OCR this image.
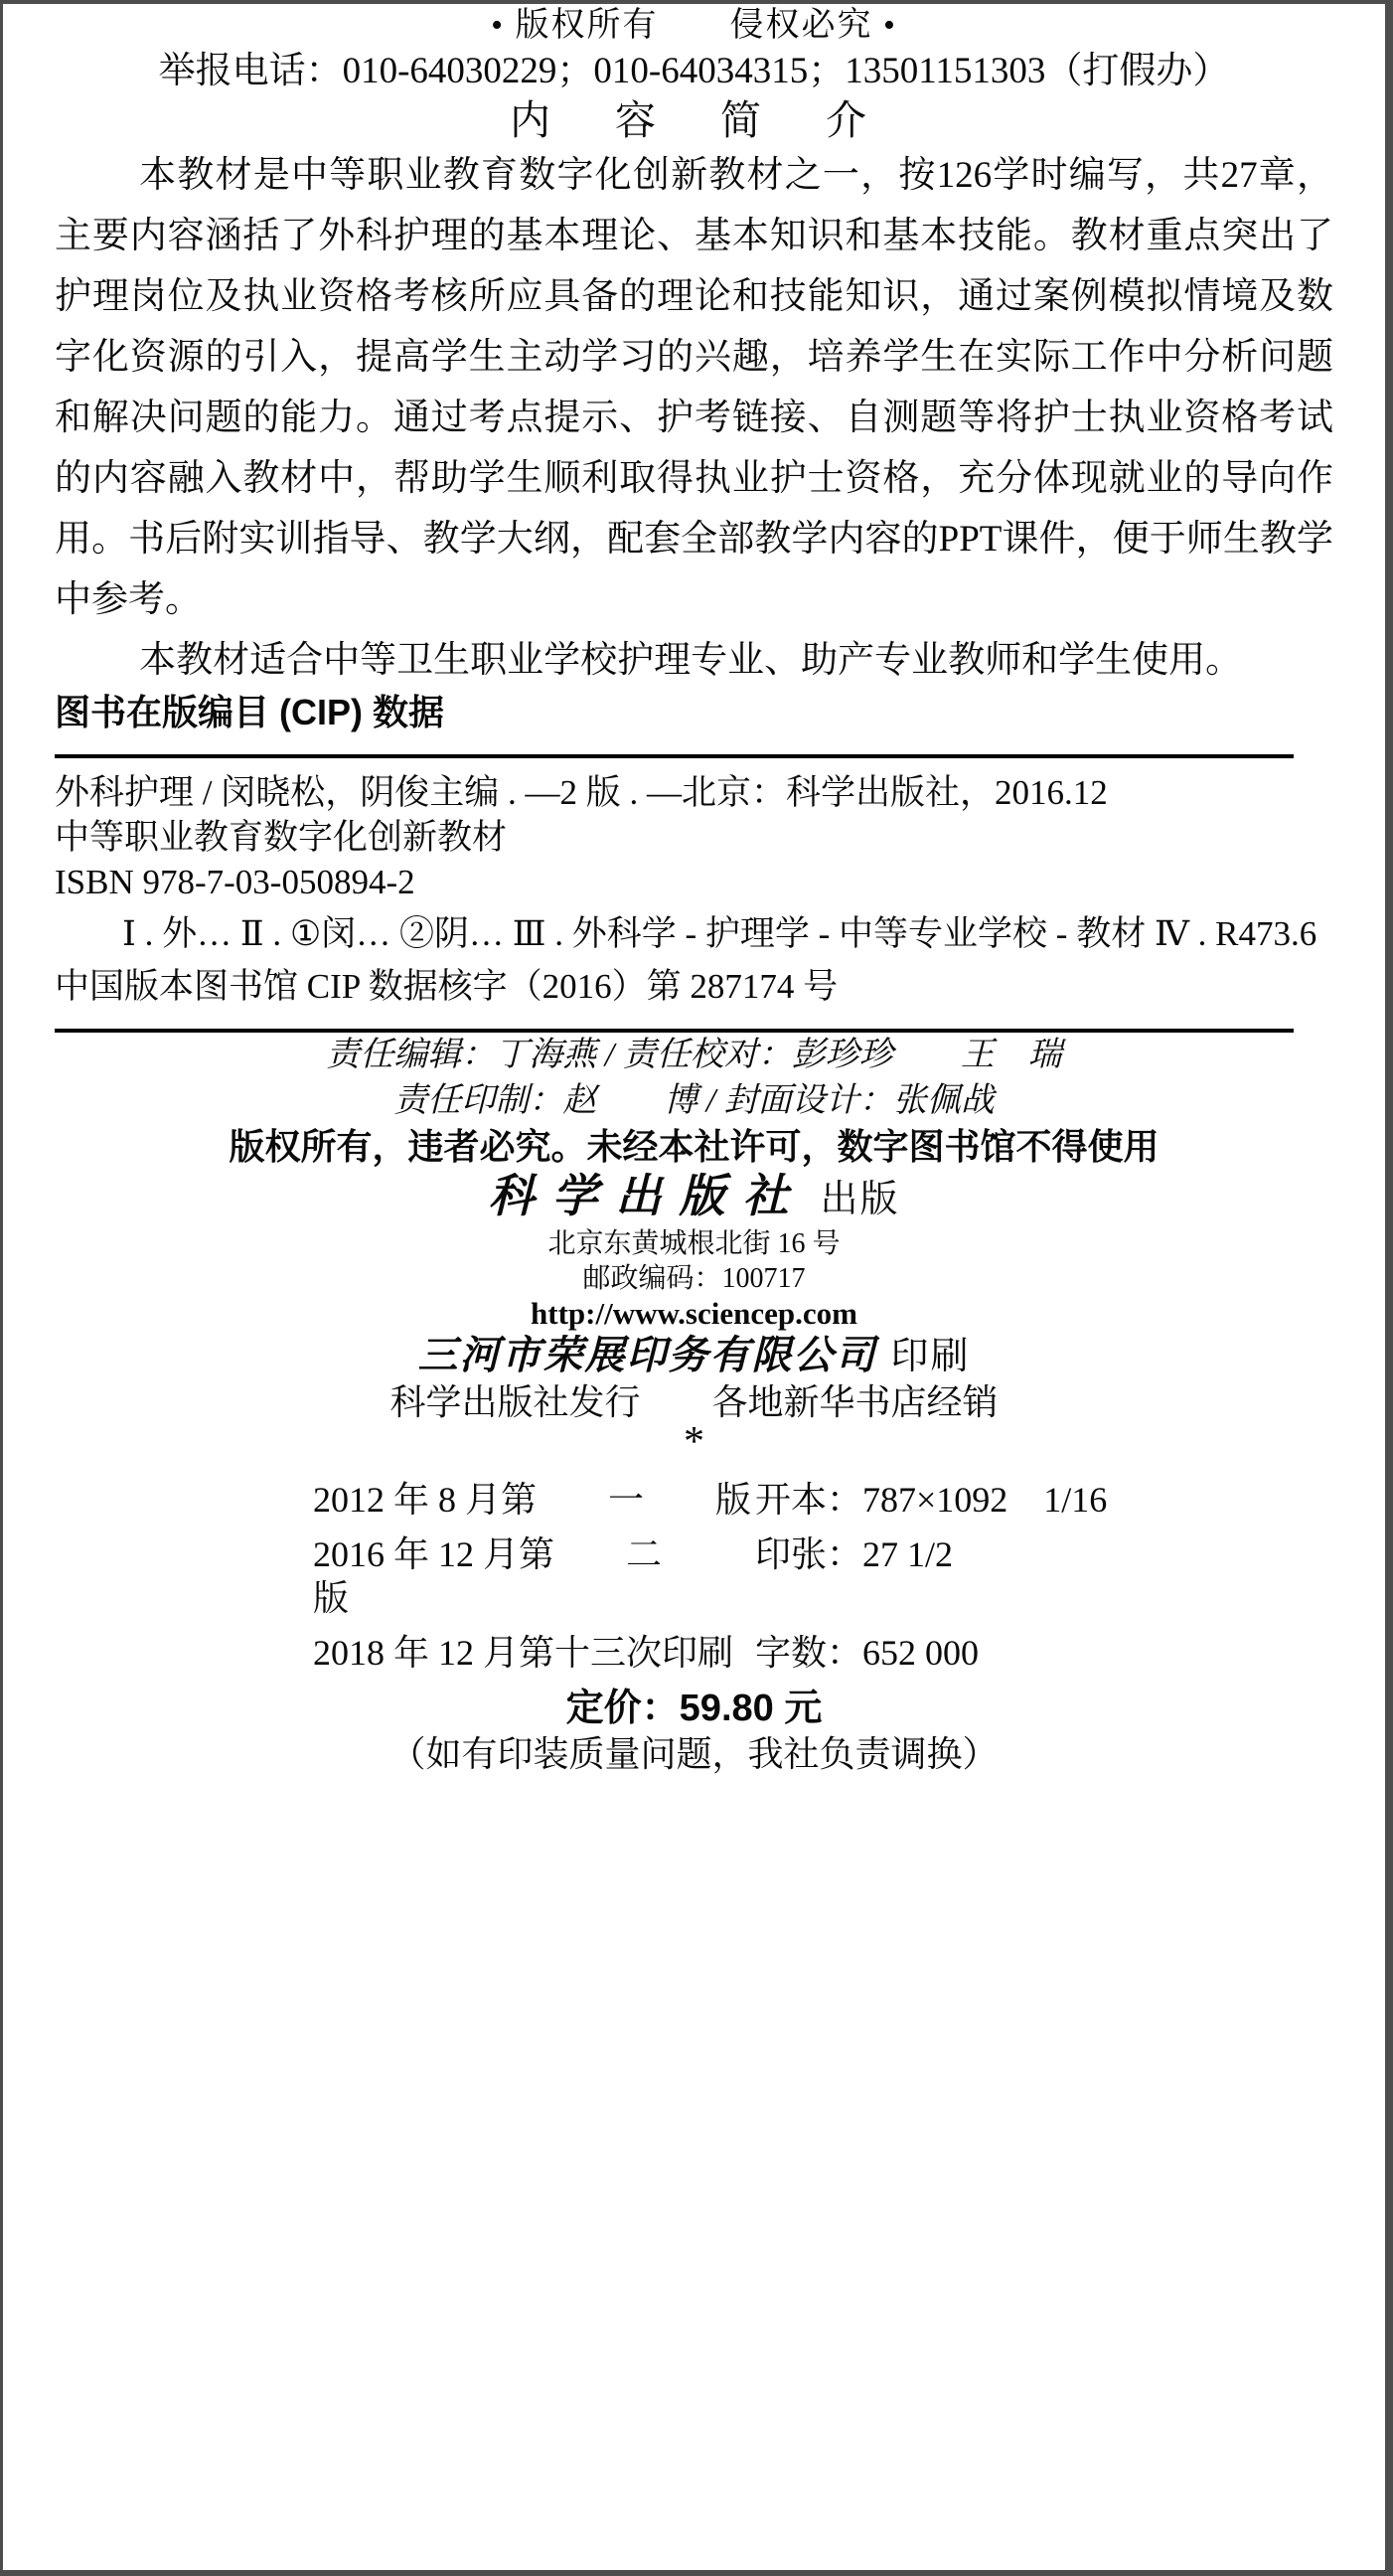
• 版权所有　　侵权必究 •

举报电话：010-64030229；010-64034315；13501151303（打假办）

内　容　简　介

本教材是中等职业教育数字化创新教材之一，按126学时编写，共27章，主要内容涵括了外科护理的基本理论、基本知识和基本技能。教材重点突出了护理岗位及执业资格考核所应具备的理论和技能知识，通过案例模拟情境及数字化资源的引入，提高学生主动学习的兴趣，培养学生在实际工作中分析问题和解决问题的能力。通过考点提示、护考链接、自测题等将护士执业资格考试的内容融入教材中，帮助学生顺利取得执业护士资格，充分体现就业的导向作用。书后附实训指导、教学大纲，配套全部教学内容的PPT课件，便于师生教学中参考。

本教材适合中等卫生职业学校护理专业、助产专业教师和学生使用。

图书在版编目 (CIP) 数据

外科护理 / 闵晓松，阴俊主编 . —2 版 . —北京：科学出版社，2016.12

中等职业教育数字化创新教材

ISBN 978-7-03-050894-2

Ⅰ . 外… Ⅱ . ①闵… ②阴… Ⅲ . 外科学 - 护理学 - 中等专业学校 - 教材 Ⅳ . R473.6

中国版本图书馆 CIP 数据核字（2016）第 287174 号

责任编辑：丁海燕 / 责任校对：彭珍珍　　王　瑞

责任印制：赵　　博 / 封面设计：张佩战

版权所有，违者必究。未经本社许可，数字图书馆不得使用

科学出版社 出版

北京东黄城根北街 16 号

邮政编码：100717

http://www.sciencep.com

三河市荣展印务有限公司 印刷

科学出版社发行　　各地新华书店经销

*

2012 年 8 月第　　一　　版 开本：787×1092　1/16
2016 年 12 月第　　二　　版
印张：27 1/2
2018 年 12 月第十三次印刷 字数：652 000

定价：59.80 元

（如有印装质量问题，我社负责调换）
